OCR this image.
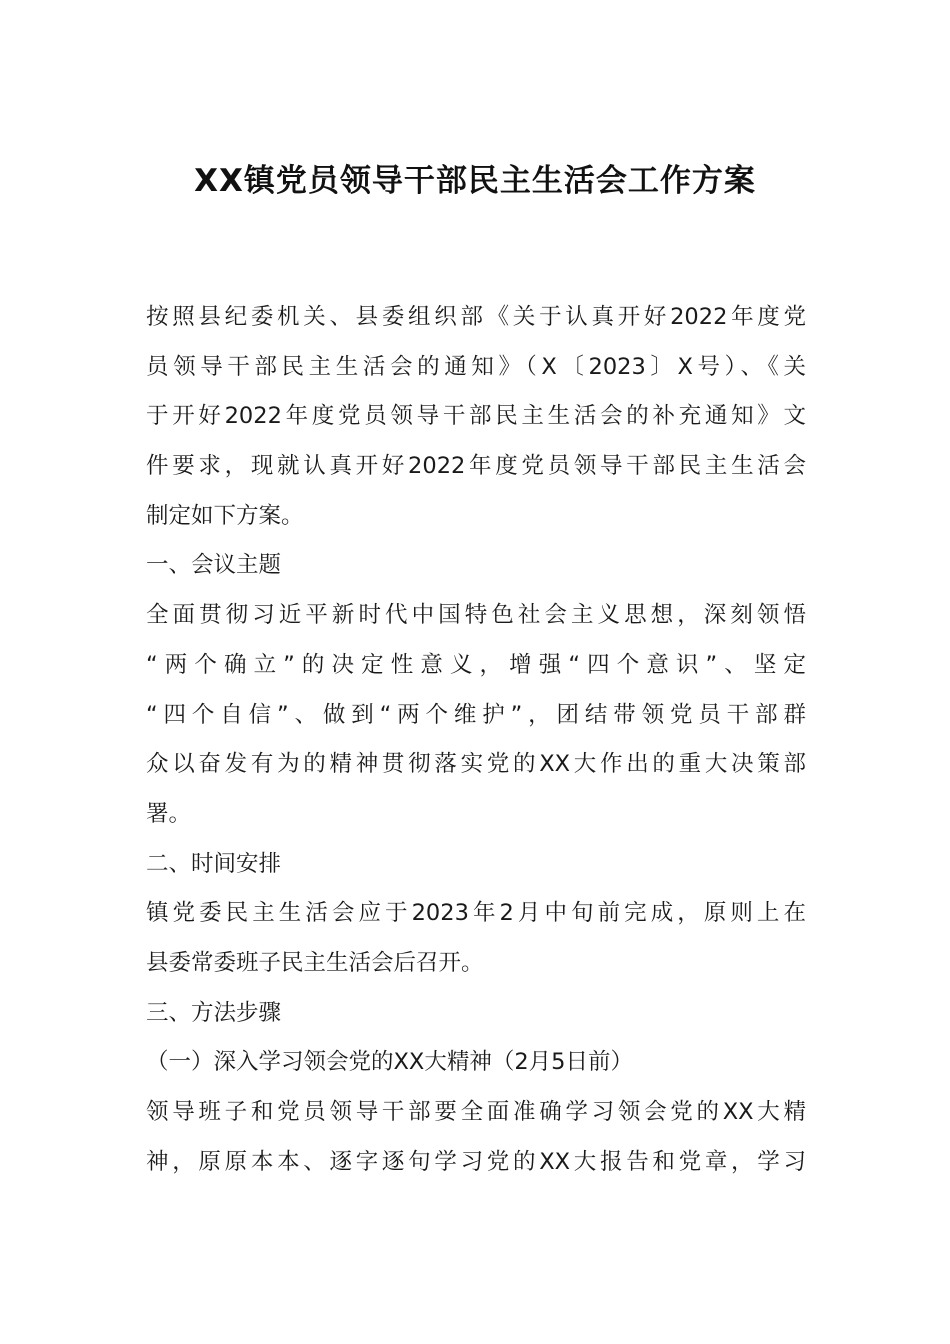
XX镇党员领导干部民主生活会工作方案
按照县纪委机关、县委组织部《关于认真开好2022年度党
员领导干部民主生活会的通知》（X〔2023〕X号）、《关
于开好2022年度党员领导干部民主生活会的补充通知》文
件要求，现就认真开好2022年度党员领导干部民主生活会
制定如下方案。
一、会议主题
全面贯彻习近平新时代中国特色社会主义思想，深刻领悟
“两个确立”的决定性意义，增强“四个意识”、坚定
“四个自信”、做到“两个维护”，团结带领党员干部群
众以奋发有为的精神贯彻落实党的XX大作出的重大决策部
署。
二、时间安排
镇党委民主生活会应于2023年2月中旬前完成，原则上在
县委常委班子民主生活会后召开。
三、方法步骤
（一）深入学习领会党的XX大精神（2月5日前）
领导班子和党员领导干部要全面准确学习领会党的XX大精
神，原原本本、逐字逐句学习党的XX大报告和党章，学习
